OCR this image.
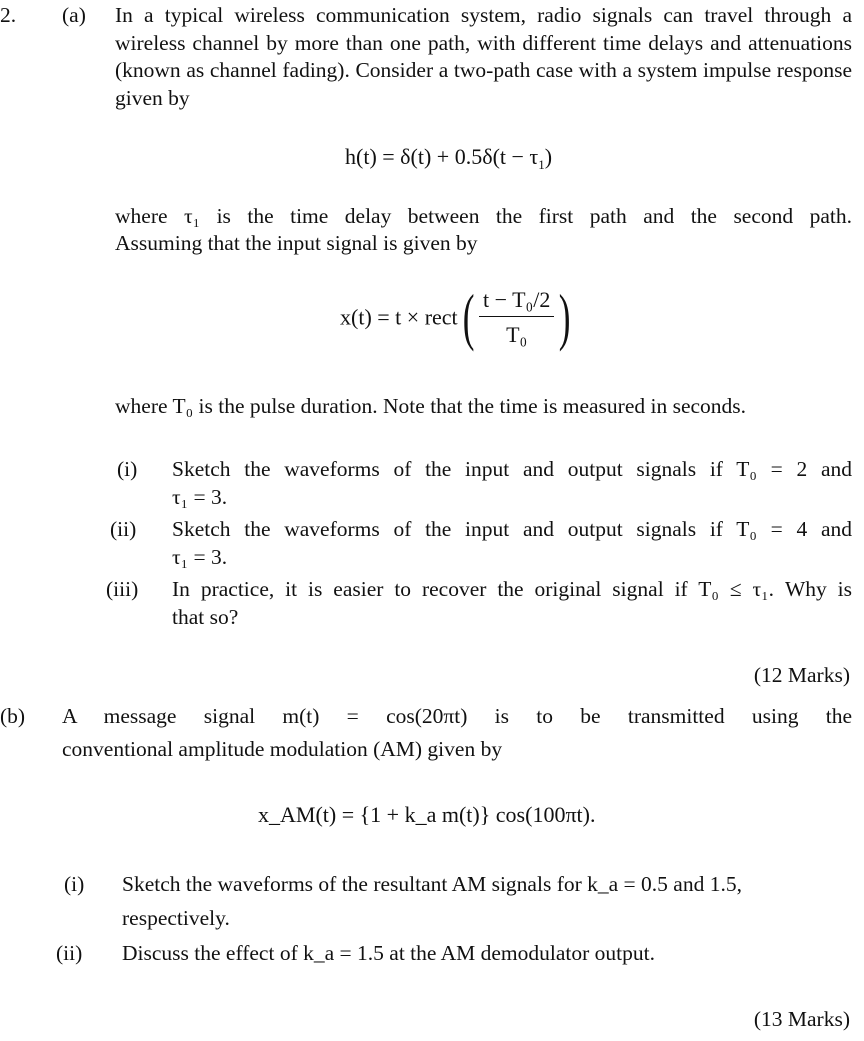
2. (a) In a typical wireless communication system, radio signals can travel through a wireless channel by more than one path, with different time delays and attenuations (known as channel fading). Consider a two-path case with a system impulse response given by
$h(t) = \delta(t) + 0.5\delta(t - \tau_1)$
where τ₁ is the time delay between the first path and the second path.
Assuming that the input signal is given by
x(t) = t × rect( $\frac{\text{t − T₀/2}}{\text{T₀}}$ )
where T₀ is the pulse duration. Note that the time is measured in seconds.
(i) Sketch the waveforms of the input and output signals if T₀ = 2 and
τ₁ = 3.
(ii) Sketch the waveforms of the input and output signals if T₀ = 4 and
τ₁ = 3.
(iii) In practice, it is easier to recover the original signal if T₀ ≤ τ₁. Why is
that so?
(12 Marks)
(b) A message signal m(t) = cos(20πt) is to be transmitted using the
conventional amplitude modulation (AM) given by
x_AM(t) = {1 + k_a m(t)} cos(100πt).
(i) Sketch the waveforms of the resultant AM signals for k_a = 0.5 and 1.5,
respectively.
(ii) Discuss the effect of k_a = 1.5 at the AM demodulator output.
(13 Marks)
